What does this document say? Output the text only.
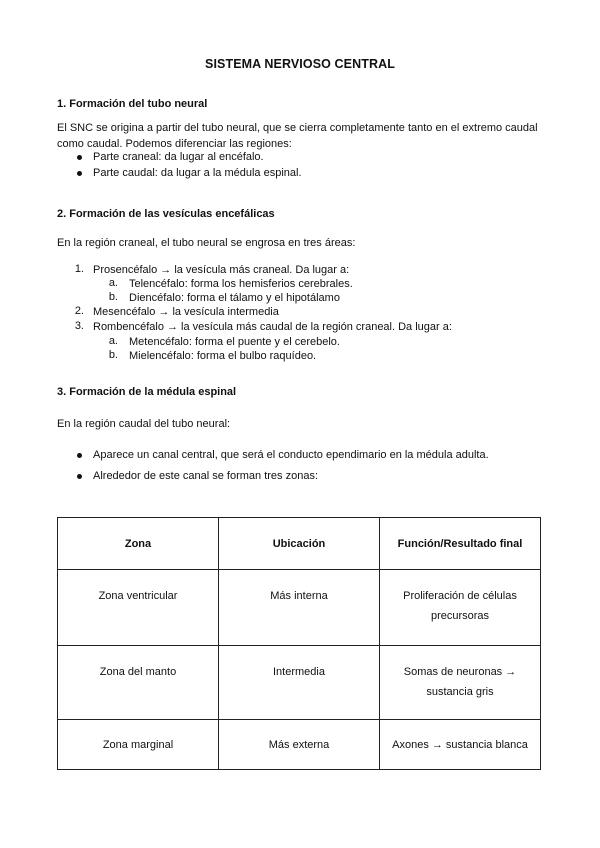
SISTEMA NERVIOSO CENTRAL
1. Formación del tubo neural
El SNC se origina a partir del tubo neural, que se cierra completamente tanto en el extremo caudal
como caudal. Podemos diferenciar las regiones:
Parte craneal: da lugar al encéfalo.
Parte caudal: da lugar a la médula espinal.
2. Formación de las vesículas encefálicas
En la región craneal, el tubo neural se engrosa en tres áreas:
1. Prosencéfalo → la vesícula más craneal. Da lugar a:
a. Telencéfalo: forma los hemisferios cerebrales.
b. Diencéfalo: forma el tálamo y el hipotálamo
2. Mesencéfalo → la vesícula intermedia
3. Rombencéfalo → la vesícula más caudal de la región craneal. Da lugar a:
a. Metencéfalo: forma el puente y el cerebelo.
b. Mielencéfalo: forma el bulbo raquídeo.
3. Formación de la médula espinal
En la región caudal del tubo neural:
Aparece un canal central, que será el conducto ependimario en la médula adulta.
Alrededor de este canal se forman tres zonas:
Zona	Ubicación	Función/Resultado final
Zona ventricular	Más interna	Proliferación de células
precursoras

Zona del manto	Intermedia	Somas de neuronas →
sustancia gris

Zona marginal	Más externa	Axones → sustancia blanca
